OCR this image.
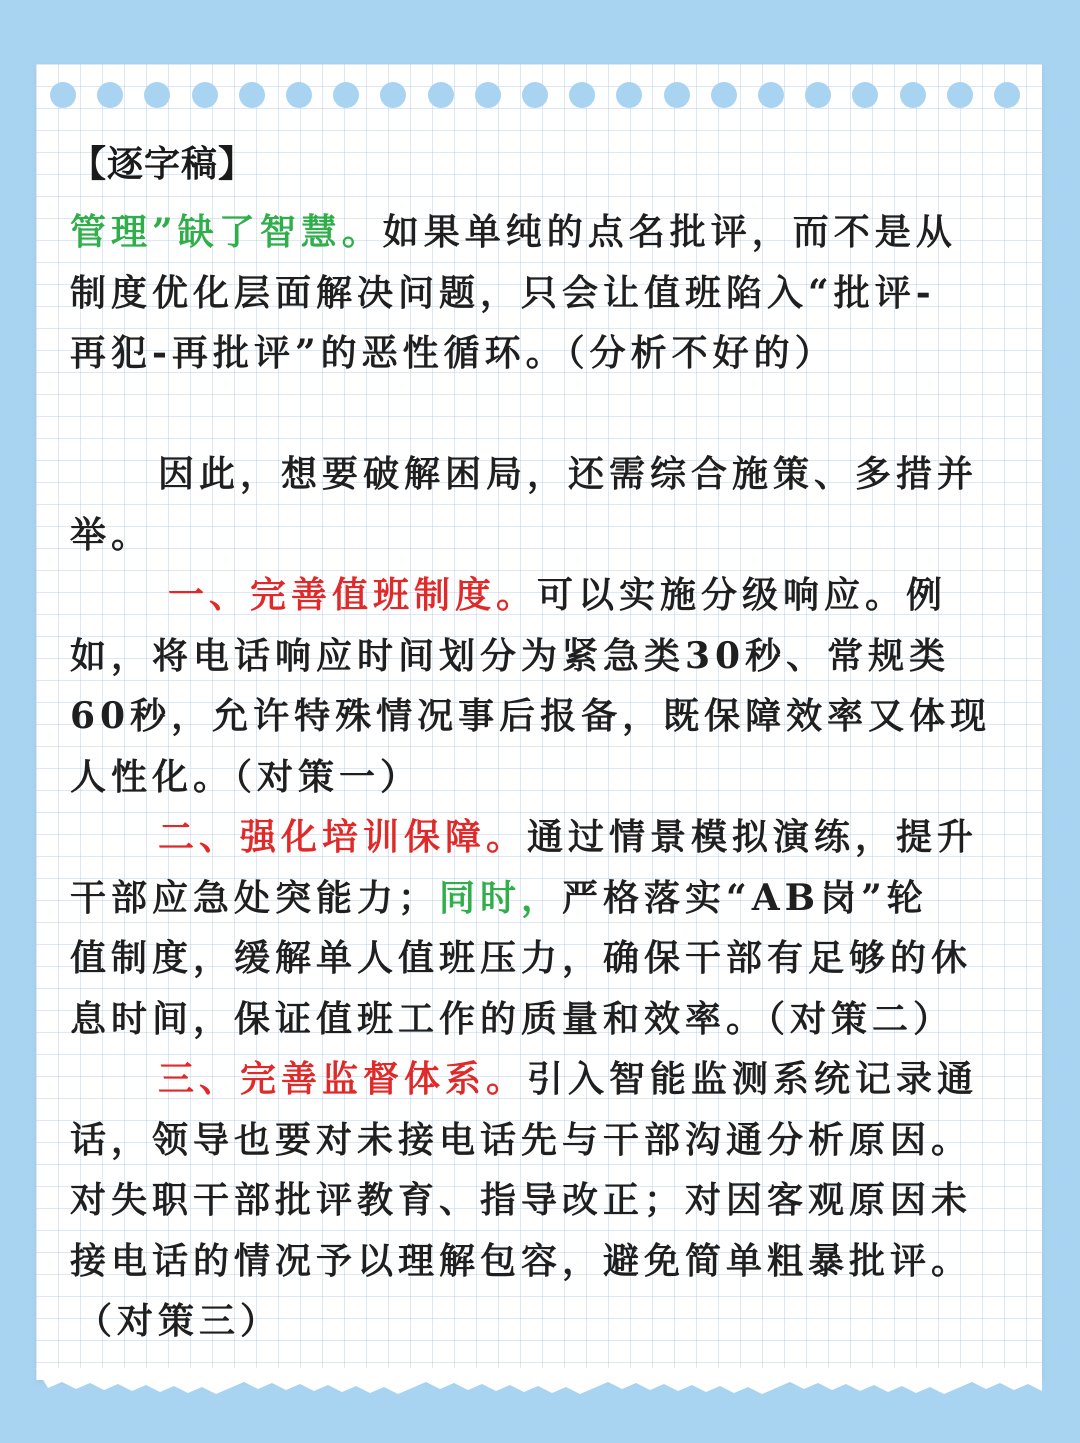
【逐字稿】
管理”缺了智慧。如果单纯的点名批评，而不是从
制度优化层面解决问题，只会让值班陷入“批评-
再犯-再批评”的恶性循环。（分析不好的）
因此，想要破解困局，还需综合施策、多措并
举。
一、完善值班制度。可以实施分级响应。例
如，将电话响应时间划分为紧急类30秒、常规类
60秒，允许特殊情况事后报备，既保障效率又体现
人性化。（对策一）
二、强化培训保障。通过情景模拟演练，提升
干部应急处突能力；同时，严格落实“AB岗”轮
值制度，缓解单人值班压力，确保干部有足够的休
息时间，保证值班工作的质量和效率。（对策二）
三、完善监督体系。引入智能监测系统记录通
话，领导也要对未接电话先与干部沟通分析原因。
对失职干部批评教育、指导改正；对因客观原因未
接电话的情况予以理解包容，避免简单粗暴批评。
（对策三）
